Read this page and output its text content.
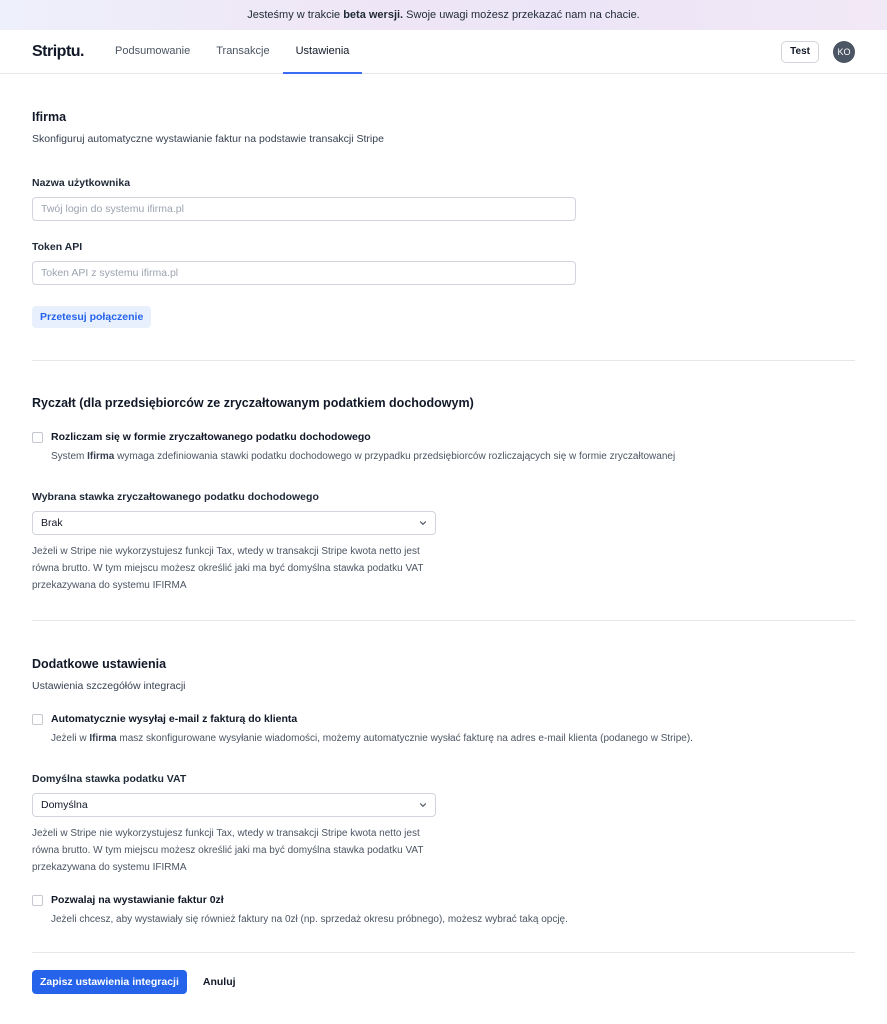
Jesteśmy w trakcie beta wersji. Swoje uwagi możesz przekazać nam na chacie.
Striptu.	Podsumowanie	Transakcje	Ustawienia	Test	KO
Ifirma
Skonfiguruj automatyczne wystawianie faktur na podstawie transakcji Stripe
Nazwa użytkownika
Twój login do systemu ifirma.pl
Token API
Token API z systemu ifirma.pl
Przetesuj połączenie
Ryczałt (dla przedsiębiorców ze zryczałtowanym podatkiem dochodowym)
Rozliczam się w formie zryczałtowanego podatku dochodowego
System Ifirma wymaga zdefiniowania stawki podatku dochodowego w przypadku przedsiębiorców rozliczających się w formie zryczałtowanej
Wybrana stawka zryczałtowanego podatku dochodowego
Brak
Jeżeli w Stripe nie wykorzystujesz funkcji Tax, wtedy w transakcji Stripe kwota netto jest równa brutto. W tym miejscu możesz określić jaki ma być domyślna stawka podatku VAT przekazywana do systemu IFIRMA
Dodatkowe ustawienia
Ustawienia szczegółów integracji
Automatycznie wysyłaj e-mail z fakturą do klienta
Jeżeli w Ifirma masz skonfigurowane wysyłanie wiadomości, możemy automatycznie wysłać fakturę na adres e-mail klienta (podanego w Stripe).
Domyślna stawka podatku VAT
Domyślna
Jeżeli w Stripe nie wykorzystujesz funkcji Tax, wtedy w transakcji Stripe kwota netto jest równa brutto. W tym miejscu możesz określić jaki ma być domyślna stawka podatku VAT przekazywana do systemu IFIRMA
Pozwalaj na wystawianie faktur 0zł
Jeżeli chcesz, aby wystawiały się również faktury na 0zł (np. sprzedaż okresu próbnego), możesz wybrać taką opcję.
Zapisz ustawienia integracji	Anuluj
